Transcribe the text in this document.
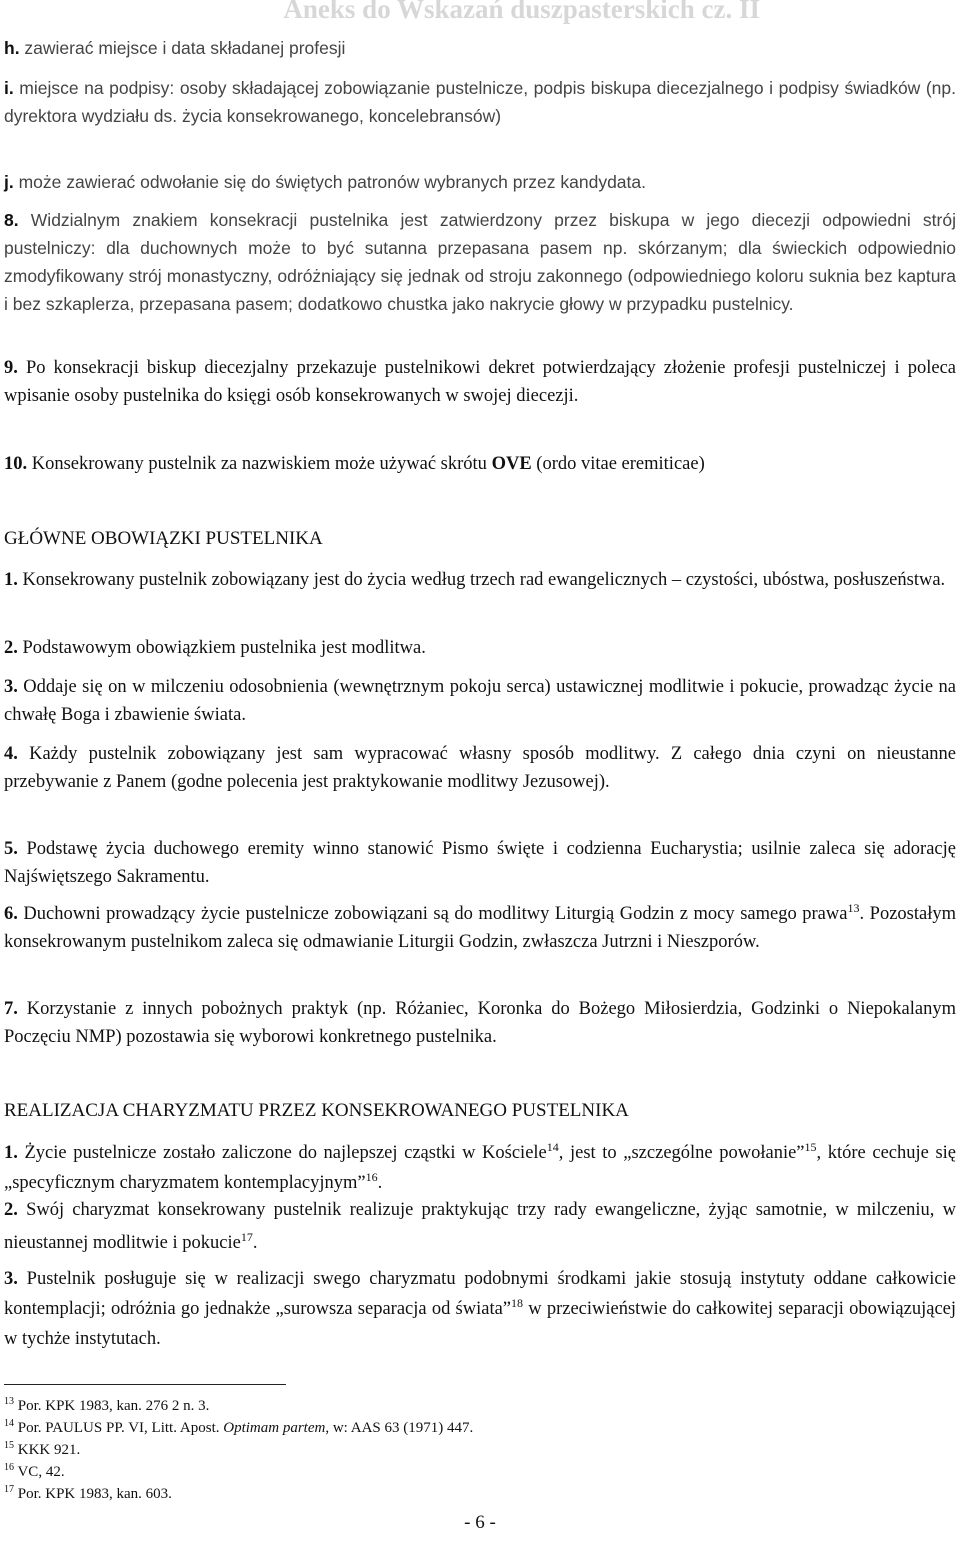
Aneks do Wskazań duszpasterskich cz. II

h. zawierać miejsce i data składanej profesji

i. miejsce na podpisy: osoby składającej zobowiązanie pustelnicze, podpis biskupa diecezjalnego i podpisy świadków (np. dyrektora wydziału ds. życia konsekrowanego, koncelebransów)

j. może zawierać odwołanie się do świętych patronów wybranych przez kandydata.

8. Widzialnym znakiem konsekracji pustelnika jest zatwierdzony przez biskupa w jego diecezji odpowiedni strój pustelniczy: dla duchownych może to być sutanna przepasana pasem np. skórzanym; dla świeckich odpowiednio zmodyfikowany strój monastyczny, odróżniający się jednak od stroju zakonnego (odpowiedniego koloru suknia bez kaptura i bez szkaplerza, przepasana pasem; dodatkowo chustka jako nakrycie głowy w przypadku pustelnicy.

9. Po konsekracji biskup diecezjalny przekazuje pustelnikowi dekret potwierdzający złożenie profesji pustelniczej i poleca wpisanie osoby pustelnika do księgi osób konsekrowanych w swojej diecezji.

10. Konsekrowany pustelnik za nazwiskiem może używać skrótu OVE (ordo vitae eremiticae)

GŁÓWNE OBOWIĄZKI PUSTELNIKA

1. Konsekrowany pustelnik zobowiązany jest do życia według trzech rad ewangelicznych – czystości, ubóstwa, posłuszeństwa.

2. Podstawowym obowiązkiem pustelnika jest modlitwa.

3. Oddaje się on w milczeniu odosobnienia (wewnętrznym pokoju serca) ustawicznej modlitwie i pokucie, prowadząc życie na chwałę Boga i zbawienie świata.

4. Każdy pustelnik zobowiązany jest sam wypracować własny sposób modlitwy. Z całego dnia czyni on nieustanne przebywanie z Panem (godne polecenia jest praktykowanie modlitwy Jezusowej).

5. Podstawę życia duchowego eremity winno stanowić Pismo święte i codzienna Eucharystia; usilnie zaleca się adorację Najświętszego Sakramentu.

6. Duchowni prowadzący życie pustelnicze zobowiązani są do modlitwy Liturgią Godzin z mocy samego prawa$^{13}$. Pozostałym konsekrowanym pustelnikom zaleca się odmawianie Liturgii Godzin, zwłaszcza Jutrzni i Nieszporów.

7. Korzystanie z innych pobożnych praktyk (np. Różaniec, Koronka do Bożego Miłosierdzia, Godzinki o Niepokalanym Poczęciu NMP) pozostawia się wyborowi konkretnego pustelnika.

REALIZACJA CHARYZMATU PRZEZ KONSEKROWANEGO PUSTELNIKA

1. Życie pustelnicze zostało zaliczone do najlepszej cząstki w Kościele$^{14}$, jest to „szczególne powołanie”$^{15}$, które cechuje się „specyficznym charyzmatem kontemplacyjnym”$^{16}$.

2. Swój charyzmat konsekrowany pustelnik realizuje praktykując trzy rady ewangeliczne, żyjąc samotnie, w milczeniu, w nieustannej modlitwie i pokucie$^{17}$.

3. Pustelnik posługuje się w realizacji swego charyzmatu podobnymi środkami jakie stosują instytuty oddane całkowicie kontemplacji; odróżnia go jednakże „surowsza separacja od świata”$^{18}$ w przeciwieństwie do całkowitej separacji obowiązującej w tychże instytutach.

$^{13}$ Por. KPK 1983, kan. 276 2 n. 3.
$^{14}$ Por. PAULUS PP. VI, Litt. Apost. Optimam partem, w: AAS 63 (1971) 447.
$^{15}$ KKK 921.
$^{16}$ VC, 42.
$^{17}$ Por. KPK 1983, kan. 603.
- 6 -
